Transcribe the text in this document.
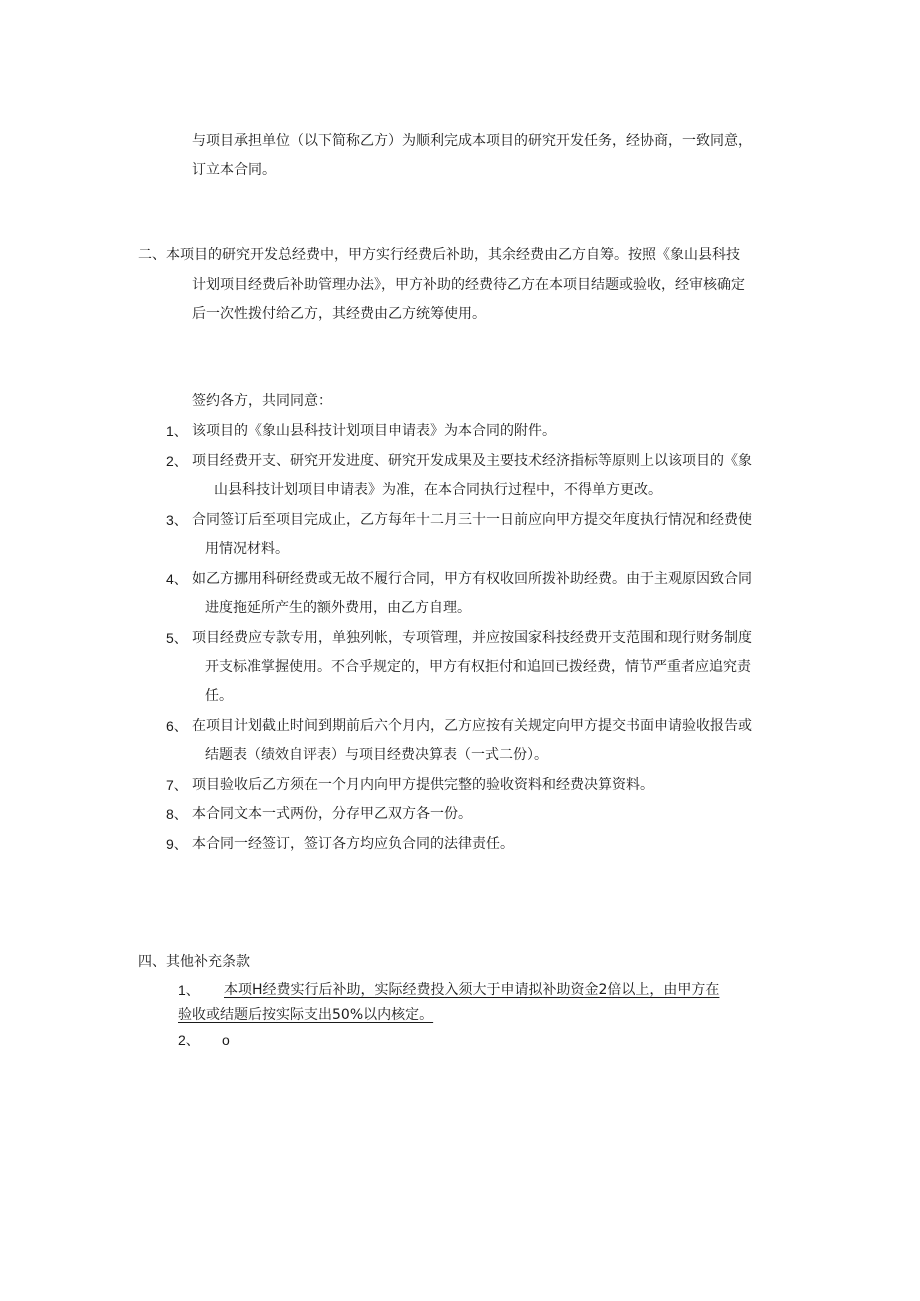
与项目承担单位（以下简称乙方）为顺利完成本项目的研究开发任务，经协商，一致同意，
订立本合同。
二、本项目的研究开发总经费中，甲方实行经费后补助，其余经费由乙方自筹。按照《象山县科技
计划项目经费后补助管理办法》，甲方补助的经费待乙方在本项目结题或验收，经审核确定
后一次性拨付给乙方，其经费由乙方统筹使用。
签约各方，共同同意：
1、 该项目的《象山县科技计划项目申请表》为本合同的附件。
2、 项目经费开支、研究开发进度、研究开发成果及主要技术经济指标等原则上以该项目的《象
山县科技计划项目申请表》为准，在本合同执行过程中，不得单方更改。
3、 合同签订后至项目完成止，乙方每年十二月三十一日前应向甲方提交年度执行情况和经费使
用情况材料。
4、 如乙方挪用科研经费或无故不履行合同，甲方有权收回所拨补助经费。由于主观原因致合同
进度拖延所产生的额外费用，由乙方自理。
5、 项目经费应专款专用，单独列帐，专项管理，并应按国家科技经费开支范围和现行财务制度
开支标准掌握使用。不合乎规定的，甲方有权拒付和追回已拨经费，情节严重者应追究责
任。
6、 在项目计划截止时间到期前后六个月内，乙方应按有关规定向甲方提交书面申请验收报告或
结题表（绩效自评表）与项目经费决算表（一式二份）。
7、 项目验收后乙方须在一个月内向甲方提供完整的验收资料和经费决算资料。
8、 本合同文本一式两份，分存甲乙双方各一份。
9、 本合同一经签订，签订各方均应负合同的法律责任。
四、其他补充条款
1、 本项H经费实行后补助，实际经费投入须大于申请拟补助资金2倍以上，由甲方在
验收或结题后按实际支出50%以内核定。
2、 o
